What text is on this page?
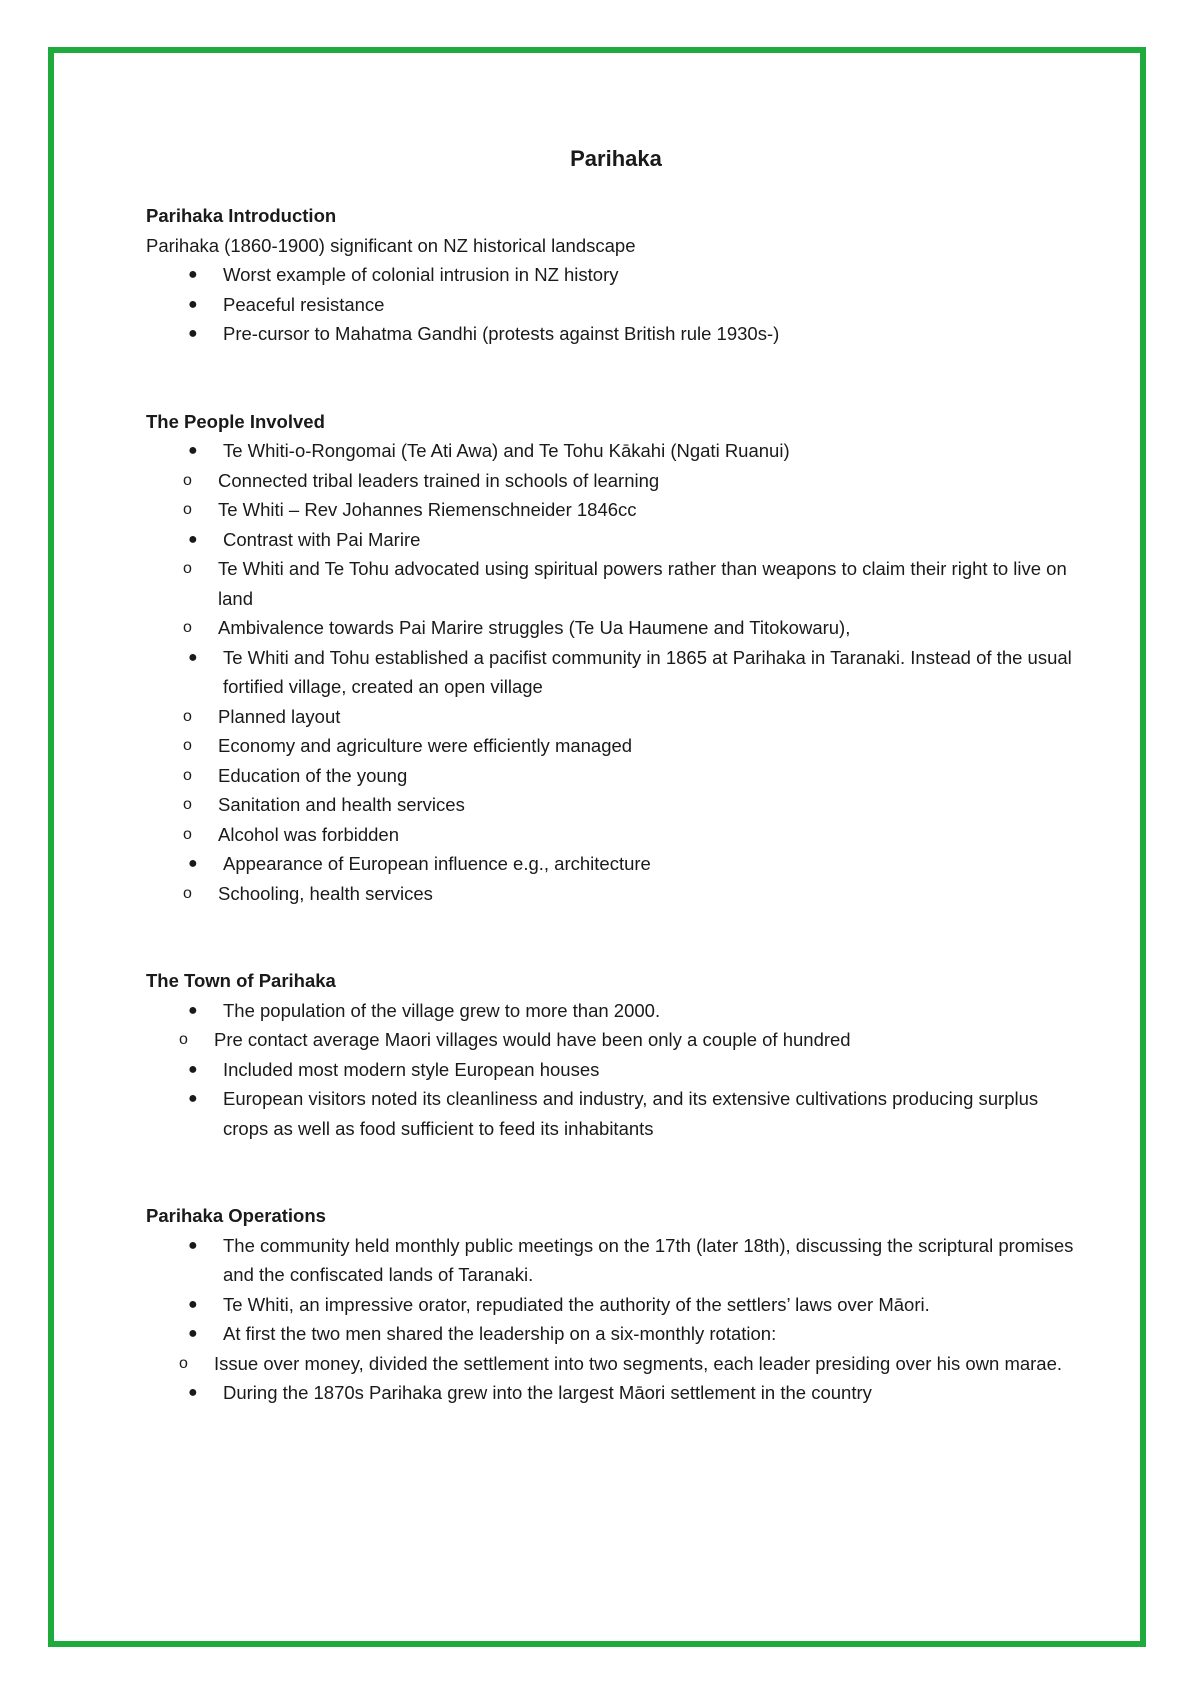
Parihaka
Parihaka Introduction
Parihaka (1860-1900) significant on NZ historical landscape
● Worst example of colonial intrusion in NZ history
● Peaceful resistance
● Pre-cursor to Mahatma Gandhi (protests against British rule 1930s-)
The People Involved
● Te Whiti-o-Rongomai (Te Ati Awa) and Te Tohu Kākahi (Ngati Ruanui)
o Connected tribal leaders trained in schools of learning
o Te Whiti – Rev Johannes Riemenschneider 1846cc
● Contrast with Pai Marire
o Te Whiti and Te Tohu advocated using spiritual powers rather than weapons to claim their right to live on land
o Ambivalence towards Pai Marire struggles (Te Ua Haumene and Titokowaru),
● Te Whiti and Tohu established a pacifist community in 1865 at Parihaka in Taranaki. Instead of the usual fortified village, created an open village
o Planned layout
o Economy and agriculture were efficiently managed
o Education of the young
o Sanitation and health services
o Alcohol was forbidden
● Appearance of European influence e.g., architecture
o Schooling, health services
The Town of Parihaka
● The population of the village grew to more than 2000.
o Pre contact average Maori villages would have been only a couple of hundred
● Included most modern style European houses
● European visitors noted its cleanliness and industry, and its extensive cultivations producing surplus crops as well as food sufficient to feed its inhabitants
Parihaka Operations
● The community held monthly public meetings on the 17th (later 18th), discussing the scriptural promises and the confiscated lands of Taranaki.
● Te Whiti, an impressive orator, repudiated the authority of the settlers’ laws over Māori.
● At first the two men shared the leadership on a six-monthly rotation:
o Issue over money, divided the settlement into two segments, each leader presiding over his own marae.
● During the 1870s Parihaka grew into the largest Māori settlement in the country
